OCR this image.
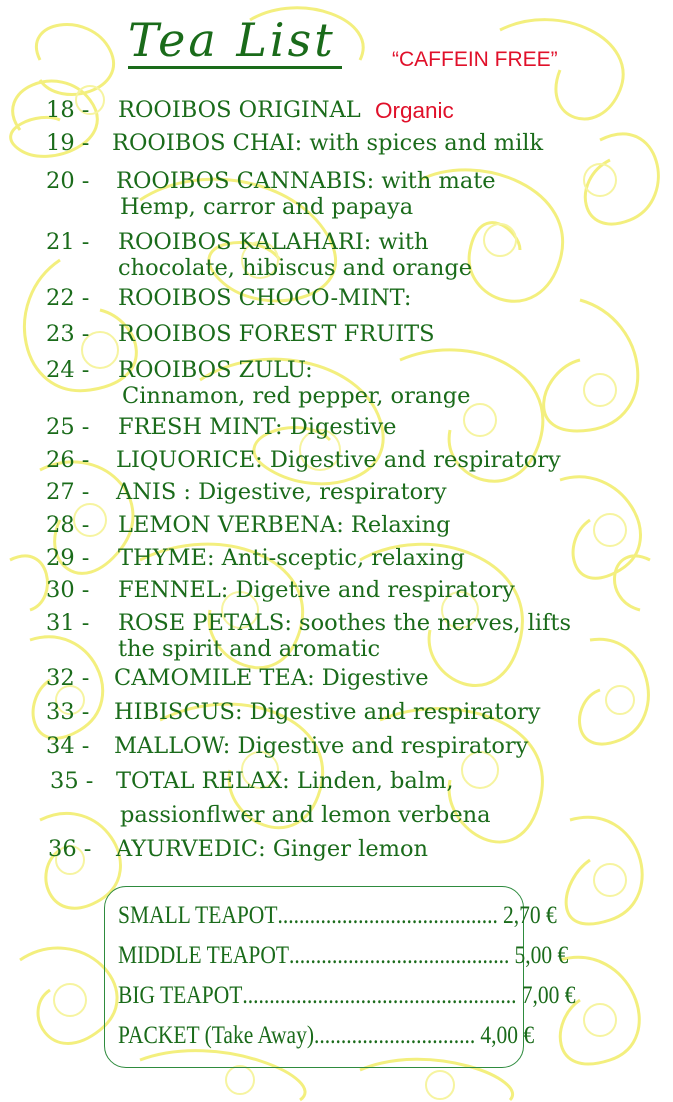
Tea List	“CAFFEIN FREE”
18 - ROOIBOS ORIGINAL Organic
19 - ROOIBOS CHAI: with spices and milk
20 - ROOIBOS CANNABIS: with mate
Hemp, carror and papaya
21 - ROOIBOS KALAHARI: with
chocolate, hibiscus and orange
22 - ROOIBOS CHOCO-MINT:
23 - ROOIBOS FOREST FRUITS
24 - ROOIBOS ZULU:
Cinnamon, red pepper, orange
25 - FRESH MINT: Digestive
26 - LIQUORICE: Digestive and respiratory
27 - ANIS : Digestive, respiratory
28 - LEMON VERBENA: Relaxing
29 - THYME: Anti-sceptic, relaxing
30 - FENNEL: Digetive and respiratory
31 - ROSE PETALS: soothes the nerves, lifts
the spirit and aromatic
32 - CAMOMILE TEA: Digestive
33 - HIBISCUS: Digestive and respiratory
34 - MALLOW: Digestive and respiratory
35 - TOTAL RELAX: Linden, balm,
passionflwer and lemon verbena
36 - AYURVEDIC: Ginger lemon
SMALL TEAPOT ......................................... 2,70 €
MIDDLE TEAPOT ......................................... 5,00 €
BIG TEAPOT ................................................... 7,00 €
PACKET (Take Away) .............................. 4,00 €
